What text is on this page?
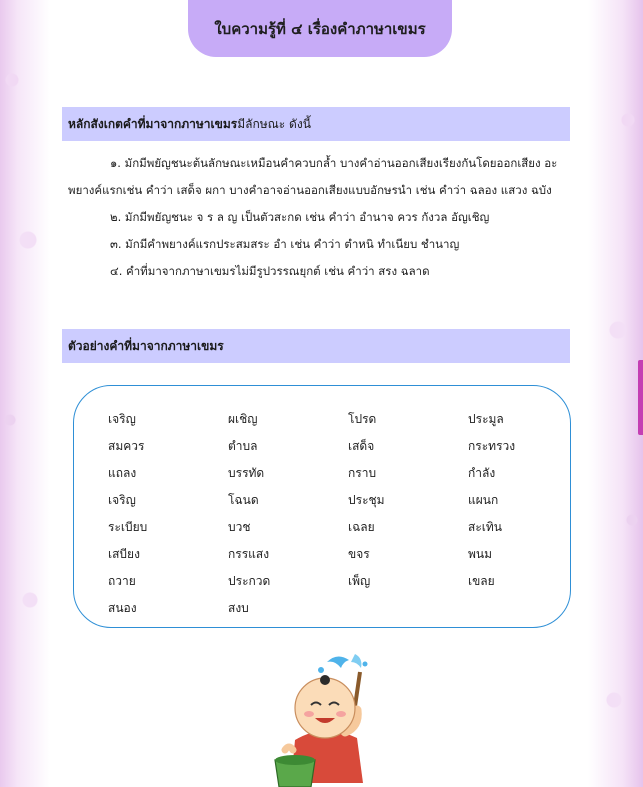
ใบความรู้ที่ ๔ เรื่องคำภาษาเขมร
หลักสังเกตคำที่มาจากภาษาเขมร มีลักษณะ ดังนี้
๑. มักมีพยัญชนะต้นลักษณะเหมือนคำควบกล้ำ บางคำอ่านออกเสียงเรียงกันโดยออกเสียง อะ
พยางค์แรกเช่น คำว่า เสด็จ ผกา บางคำอาจอ่านออกเสียงแบบอักษรนำ เช่น คำว่า ฉลอง แสวง ฉบัง
๒. มักมีพยัญชนะ จ ร ล ญ เป็นตัวสะกด เช่น คำว่า อำนาจ ควร กังวล อัญเชิญ
๓. มักมีคำพยางค์แรกประสมสระ อำ เช่น คำว่า ตำหนิ ทำเนียบ ชำนาญ
๔. คำที่มาจากภาษาเขมรไม่มีรูปวรรณยุกต์ เช่น คำว่า สรง ฉลาด
ตัวอย่างคำที่มาจากภาษาเขมร
เจริญ	ผเชิญ	โปรด	ประมูล
สมควร	ตำบล	เสด็จ	กระทรวง
แถลง	บรรทัด	กราบ	กำลัง
เจริญ	โฉนด	ประชุม	แผนก
ระเบียบ	บวช	เฉลย	สะเทิน
เสบียง	กรรแสง	ขจร	พนม
ถวาย	ประกวด	เพ็ญ	เขลย
สนอง	สงบ
